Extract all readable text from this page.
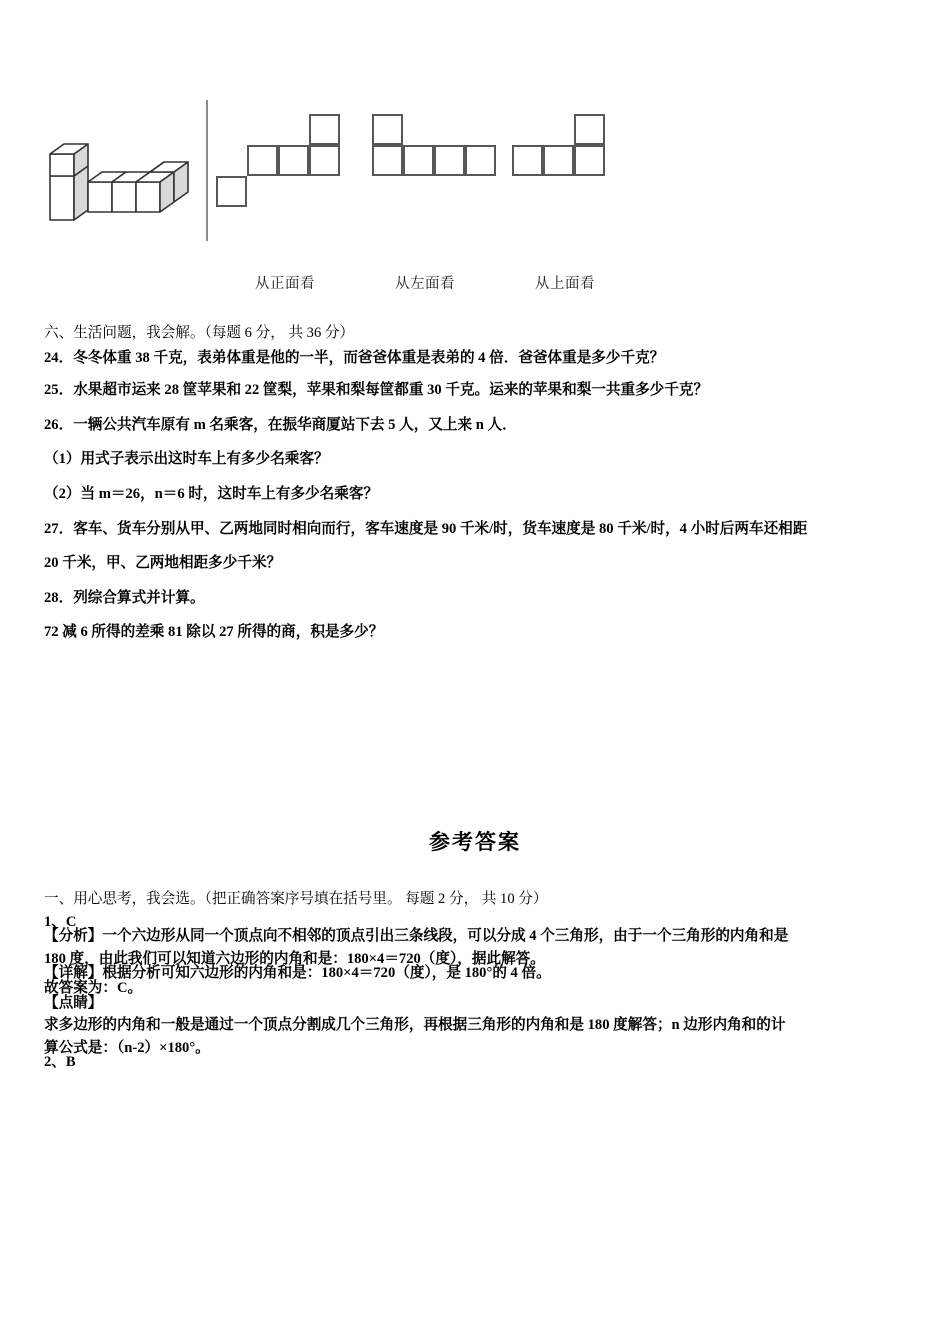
从正面看	从左面看	从上面看
六、生活问题，我会解。（每题 6 分， 共 36 分）
24．冬冬体重 38 千克，表弟体重是他的一半，而爸爸体重是表弟的 4 倍．爸爸体重是多少千克？
25．水果超市运来 28 筐苹果和 22 筐梨，苹果和梨每筐都重 30 千克。运来的苹果和梨一共重多少千克？
26．一辆公共汽车原有 m 名乘客，在振华商厦站下去 5 人，又上来 n 人．
（1）用式子表示出这时车上有多少名乘客？
（2）当 m＝26，n＝6 时，这时车上有多少名乘客？
27．客车、货车分别从甲、乙两地同时相向而行，客车速度是 90 千米/时，货车速度是 80 千米/时，4 小时后两车还相距
20 千米，甲、乙两地相距多少千米？
28．列综合算式并计算。
72 减 6 所得的差乘 81 除以 27 所得的商，积是多少？
参考答案
一、用心思考，我会选。（把正确答案序号填在括号里。 每题 2 分， 共 10 分）
1、C
【分析】一个六边形从同一个顶点向不相邻的顶点引出三条线段，可以分成 4 个三角形，由于一个三角形的内角和是
180 度，由此我们可以知道六边形的内角和是：180×4＝720（度），据此解答。
【详解】根据分析可知六边形的内角和是：180×4＝720（度），是 180°的 4 倍。
故答案为：C。
【点睛】
求多边形的内角和一般是通过一个顶点分割成几个三角形，再根据三角形的内角和是 180 度解答；n 边形内角和的计
算公式是：（n-2）×180°。
2、B
